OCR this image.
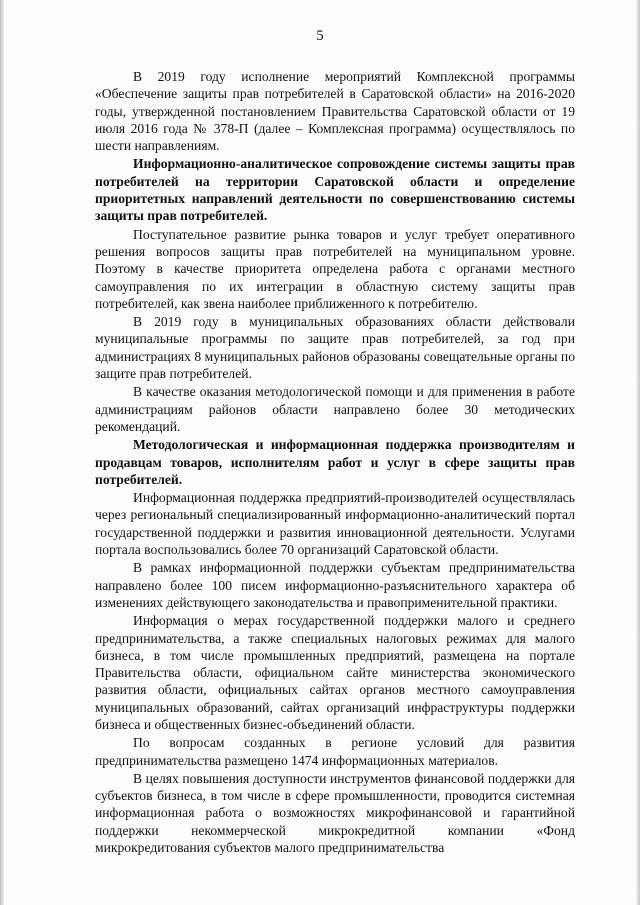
5

В 2019 году исполнение мероприятий Комплексной программы «Обеспечение защиты прав потребителей в Саратовской области» на 2016-2020 годы, утвержденной постановлением Правительства Саратовской области от 19 июля 2016 года № 378-П (далее – Комплексная программа) осуществлялось по шести направлениям.

Информационно-аналитическое сопровождение системы защиты прав потребителей на территории Саратовской области и определение приоритетных направлений деятельности по совершенствованию системы защиты прав потребителей.

Поступательное развитие рынка товаров и услуг требует оперативного решения вопросов защиты прав потребителей на муниципальном уровне. Поэтому в качестве приоритета определена работа с органами местного самоуправления по их интеграции в областную систему защиты прав потребителей, как звена наиболее приближенного к потребителю.

В 2019 году в муниципальных образованиях области действовали муниципальные программы по защите прав потребителей, за год при администрациях 8 муниципальных районов образованы совещательные органы по защите прав потребителей.

В качестве оказания методологической помощи и для применения в работе администрациям районов области направлено более 30 методических рекомендаций.

Методологическая и информационная поддержка производителям и продавцам товаров, исполнителям работ и услуг в сфере защиты прав потребителей.

Информационная поддержка предприятий-производителей осуществлялась через региональный специализированный информационно-аналитический портал государственной поддержки и развития инновационной деятельности. Услугами портала воспользовались более 70 организаций Саратовской области.

В рамках информационной поддержки субъектам предпринимательства направлено более 100 писем информационно-разъяснительного характера об изменениях действующего законодательства и правоприменительной практики.

Информация о мерах государственной поддержки малого и среднего предпринимательства, а также специальных налоговых режимах для малого бизнеса, в том числе промышленных предприятий, размещена на портале Правительства области, официальном сайте министерства экономического развития области, официальных сайтах органов местного самоуправления муниципальных образований, сайтах организаций инфраструктуры поддержки бизнеса и общественных бизнес-объединений области.

По вопросам созданных в регионе условий для развития предпринимательства размещено 1474 информационных материалов.

В целях повышения доступности инструментов финансовой поддержки для субъектов бизнеса, в том числе в сфере промышленности, проводится системная информационная работа о возможностях микрофинансовой и гарантийной поддержки некоммерческой микрокредитной компании «Фонд микрокредитования субъектов малого предпринимательства
